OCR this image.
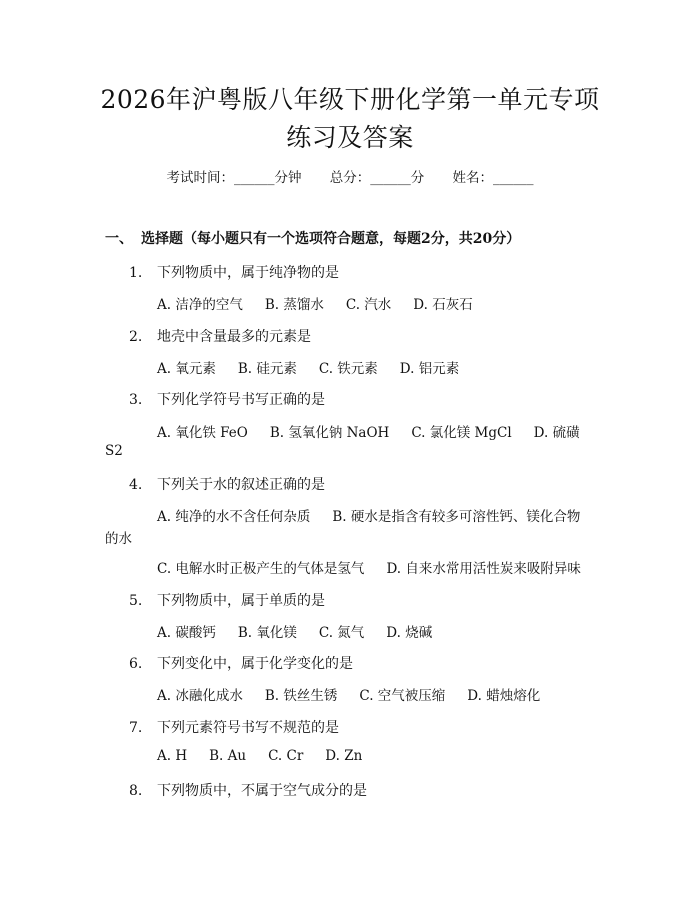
2026年沪粤版八年级下册化学第一单元专项
练习及答案
考试时间：______分钟 总分：______分 姓名：______
一、 选择题（每小题只有一个选项符合题意，每题2分，共20分）
1. 下列物质中，属于纯净物的是
A. 洁净的空气 B. 蒸馏水 C. 汽水 D. 石灰石
2. 地壳中含量最多的元素是
A. 氧元素 B. 硅元素 C. 铁元素 D. 铝元素
3. 下列化学符号书写正确的是
A. 氧化铁 FeO B. 氢氧化钠 NaOH C. 氯化镁 MgCl D. 硫磺
S2
4. 下列关于水的叙述正确的是
A. 纯净的水不含任何杂质 B. 硬水是指含有较多可溶性钙、镁化合物
的水
C. 电解水时正极产生的气体是氢气 D. 自来水常用活性炭来吸附异味
5. 下列物质中，属于单质的是
A. 碳酸钙 B. 氧化镁 C. 氮气 D. 烧碱
6. 下列变化中，属于化学变化的是
A. 冰融化成水 B. 铁丝生锈 C. 空气被压缩 D. 蜡烛熔化
7. 下列元素符号书写不规范的是
A. H B. Au C. Cr D. Zn
8. 下列物质中，不属于空气成分的是
